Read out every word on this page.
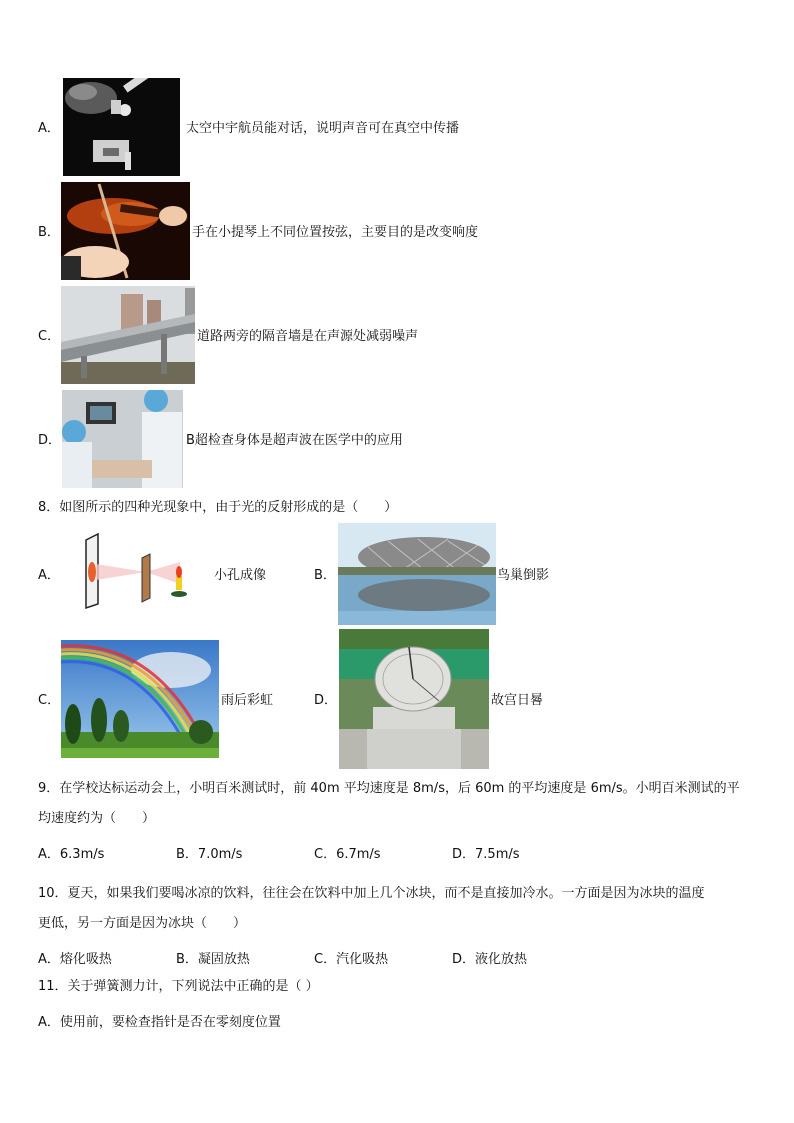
A．	太空中宇航员能对话，说明声音可在真空中传播
B．	手在小提琴上不同位置按弦，主要目的是改变响度
C．	道路两旁的隔音墙是在声源处减弱噪声
D．	B超检查身体是超声波在医学中的应用
8．如图所示的四种光现象中，由于光的反射形成的是（　　）
A．	小孔成像	B．	鸟巢倒影
C．	雨后彩虹	D．	故宫日晷
9．在学校达标运动会上，小明百米测试时，前 40m 平均速度是 8m/s，后 60m 的平均速度是 6m/s。小明百米测试的平
均速度约为（　　）
A．6.3m/s	B．7.0m/s	C．6.7m/s	D．7.5m/s
10．夏天，如果我们要喝冰凉的饮料，往往会在饮料中加上几个冰块，而不是直接加冷水。一方面是因为冰块的温度
更低，另一方面是因为冰块（　　）
A．熔化吸热	B．凝固放热	C．汽化吸热	D．液化放热
11．关于弹簧测力计，下列说法中正确的是（ ）
A．使用前，要检查指针是否在零刻度位置
